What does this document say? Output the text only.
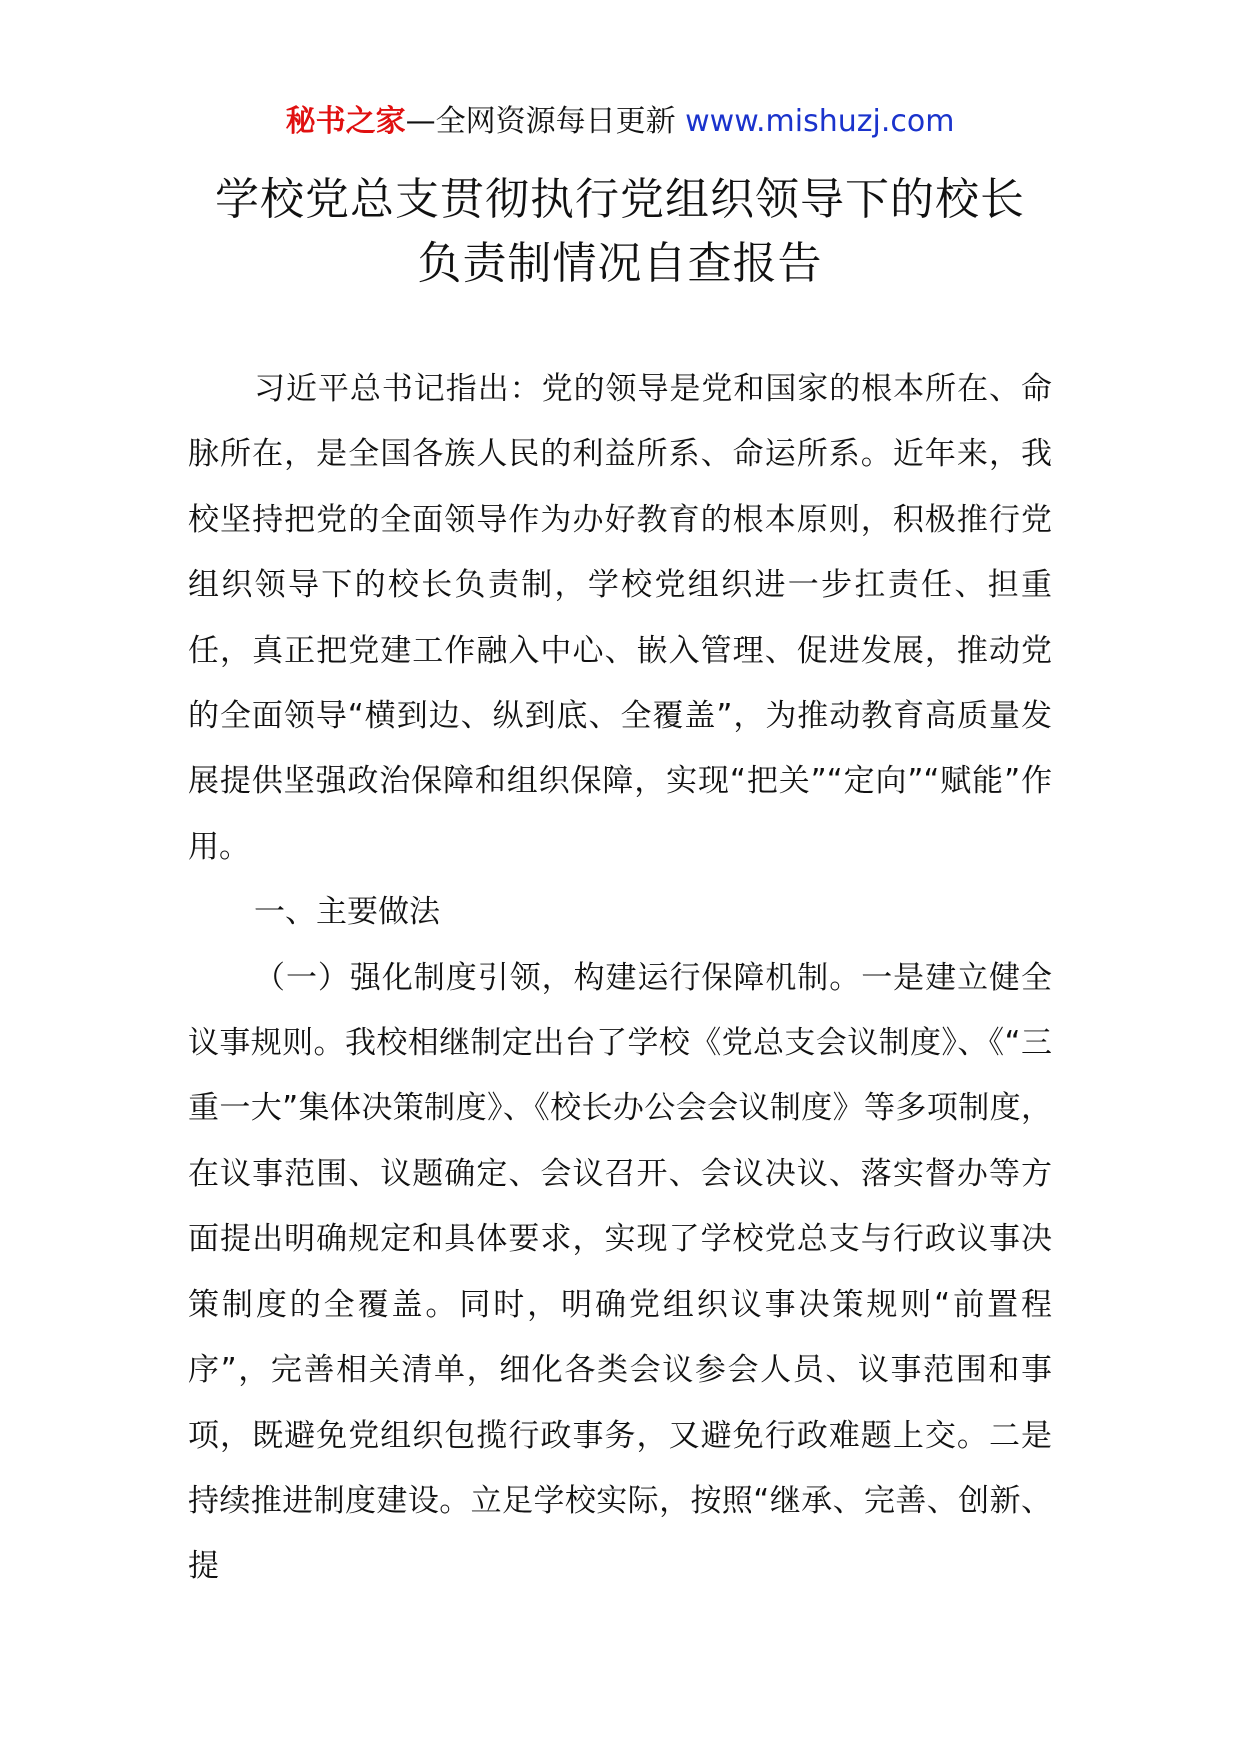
秘书之家—全网资源每日更新 www.mishuzj.com
学校党总支贯彻执行党组织领导下的校长
负责制情况自查报告

习近平总书记指出：党的领导是党和国家的根本所在、命脉所在，是全国各族人民的利益所系、命运所系。近年来，我校坚持把党的全面领导作为办好教育的根本原则，积极推行党组织领导下的校长负责制，学校党组织进一步扛责任、担重任，真正把党建工作融入中心、嵌入管理、促进发展，推动党的全面领导“横到边、纵到底、全覆盖”，为推动教育高质量发展提供坚强政治保障和组织保障，实现“把关”“定向”“赋能”作用。

一、主要做法

（一）强化制度引领，构建运行保障机制。一是建立健全议事规则。我校相继制定出台了学校《党总支会议制度》、《“三重一大”集体决策制度》、《校长办公会会议制度》等多项制度，在议事范围、议题确定、会议召开、会议决议、落实督办等方面提出明确规定和具体要求，实现了学校党总支与行政议事决策制度的全覆盖。同时，明确党组织议事决策规则“前置程序”，完善相关清单，细化各类会议参会人员、议事范围和事项，既避免党组织包揽行政事务，又避免行政难题上交。二是持续推进制度建设。立足学校实际，按照“继承、完善、创新、提
